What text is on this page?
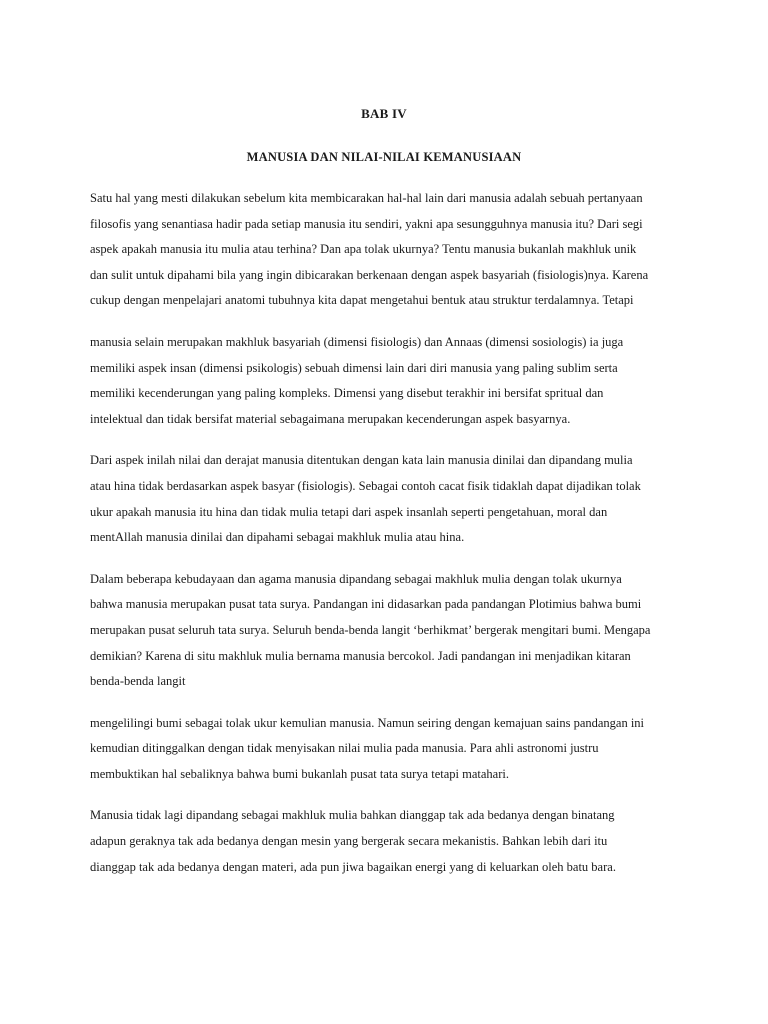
BAB IV
MANUSIA DAN NILAI-NILAI KEMANUSIAAN

Satu hal yang mesti dilakukan sebelum kita membicarakan hal-hal lain dari manusia adalah sebuah pertanyaan
filosofis yang senantiasa hadir pada setiap manusia itu sendiri, yakni apa sesungguhnya manusia itu? Dari segi
aspek apakah manusia itu mulia atau terhina? Dan apa tolak ukurnya? Tentu manusia bukanlah makhluk unik
dan sulit untuk dipahami bila yang ingin dibicarakan berkenaan dengan aspek basyariah (fisiologis)nya. Karena
cukup dengan menpelajari anatomi tubuhnya kita dapat mengetahui bentuk atau struktur terdalamnya. Tetapi

manusia selain merupakan makhluk basyariah (dimensi fisiologis) dan Annaas (dimensi sosiologis) ia juga
memiliki aspek insan (dimensi psikologis) sebuah dimensi lain dari diri manusia yang paling sublim serta
memiliki kecenderungan yang paling kompleks. Dimensi yang disebut terakhir ini bersifat spritual dan
intelektual dan tidak bersifat material sebagaimana merupakan kecenderungan aspek basyarnya.

Dari aspek inilah nilai dan derajat manusia ditentukan dengan kata lain manusia dinilai dan dipandang mulia
atau hina tidak berdasarkan aspek basyar (fisiologis). Sebagai contoh cacat fisik tidaklah dapat dijadikan tolak
ukur apakah manusia itu hina dan tidak mulia tetapi dari aspek insanlah seperti pengetahuan, moral dan
mentAllah manusia dinilai dan dipahami sebagai makhluk mulia atau hina.

Dalam beberapa kebudayaan dan agama manusia dipandang sebagai makhluk mulia dengan tolak ukurnya
bahwa manusia merupakan pusat tata surya. Pandangan ini didasarkan pada pandangan Plotimius bahwa bumi
merupakan pusat seluruh tata surya. Seluruh benda-benda langit ‘berhikmat’ bergerak mengitari bumi. Mengapa
demikian? Karena di situ makhluk mulia bernama manusia bercokol. Jadi pandangan ini menjadikan kitaran
benda-benda langit

mengelilingi bumi sebagai tolak ukur kemulian manusia. Namun seiring dengan kemajuan sains pandangan ini
kemudian ditinggalkan dengan tidak menyisakan nilai mulia pada manusia. Para ahli astronomi justru
membuktikan hal sebaliknya bahwa bumi bukanlah pusat tata surya tetapi matahari.

Manusia tidak lagi dipandang sebagai makhluk mulia bahkan dianggap tak ada bedanya dengan binatang
adapun geraknya tak ada bedanya dengan mesin yang bergerak secara mekanistis. Bahkan lebih dari itu
dianggap tak ada bedanya dengan materi, ada pun jiwa bagaikan energi yang di keluarkan oleh batu bara.
